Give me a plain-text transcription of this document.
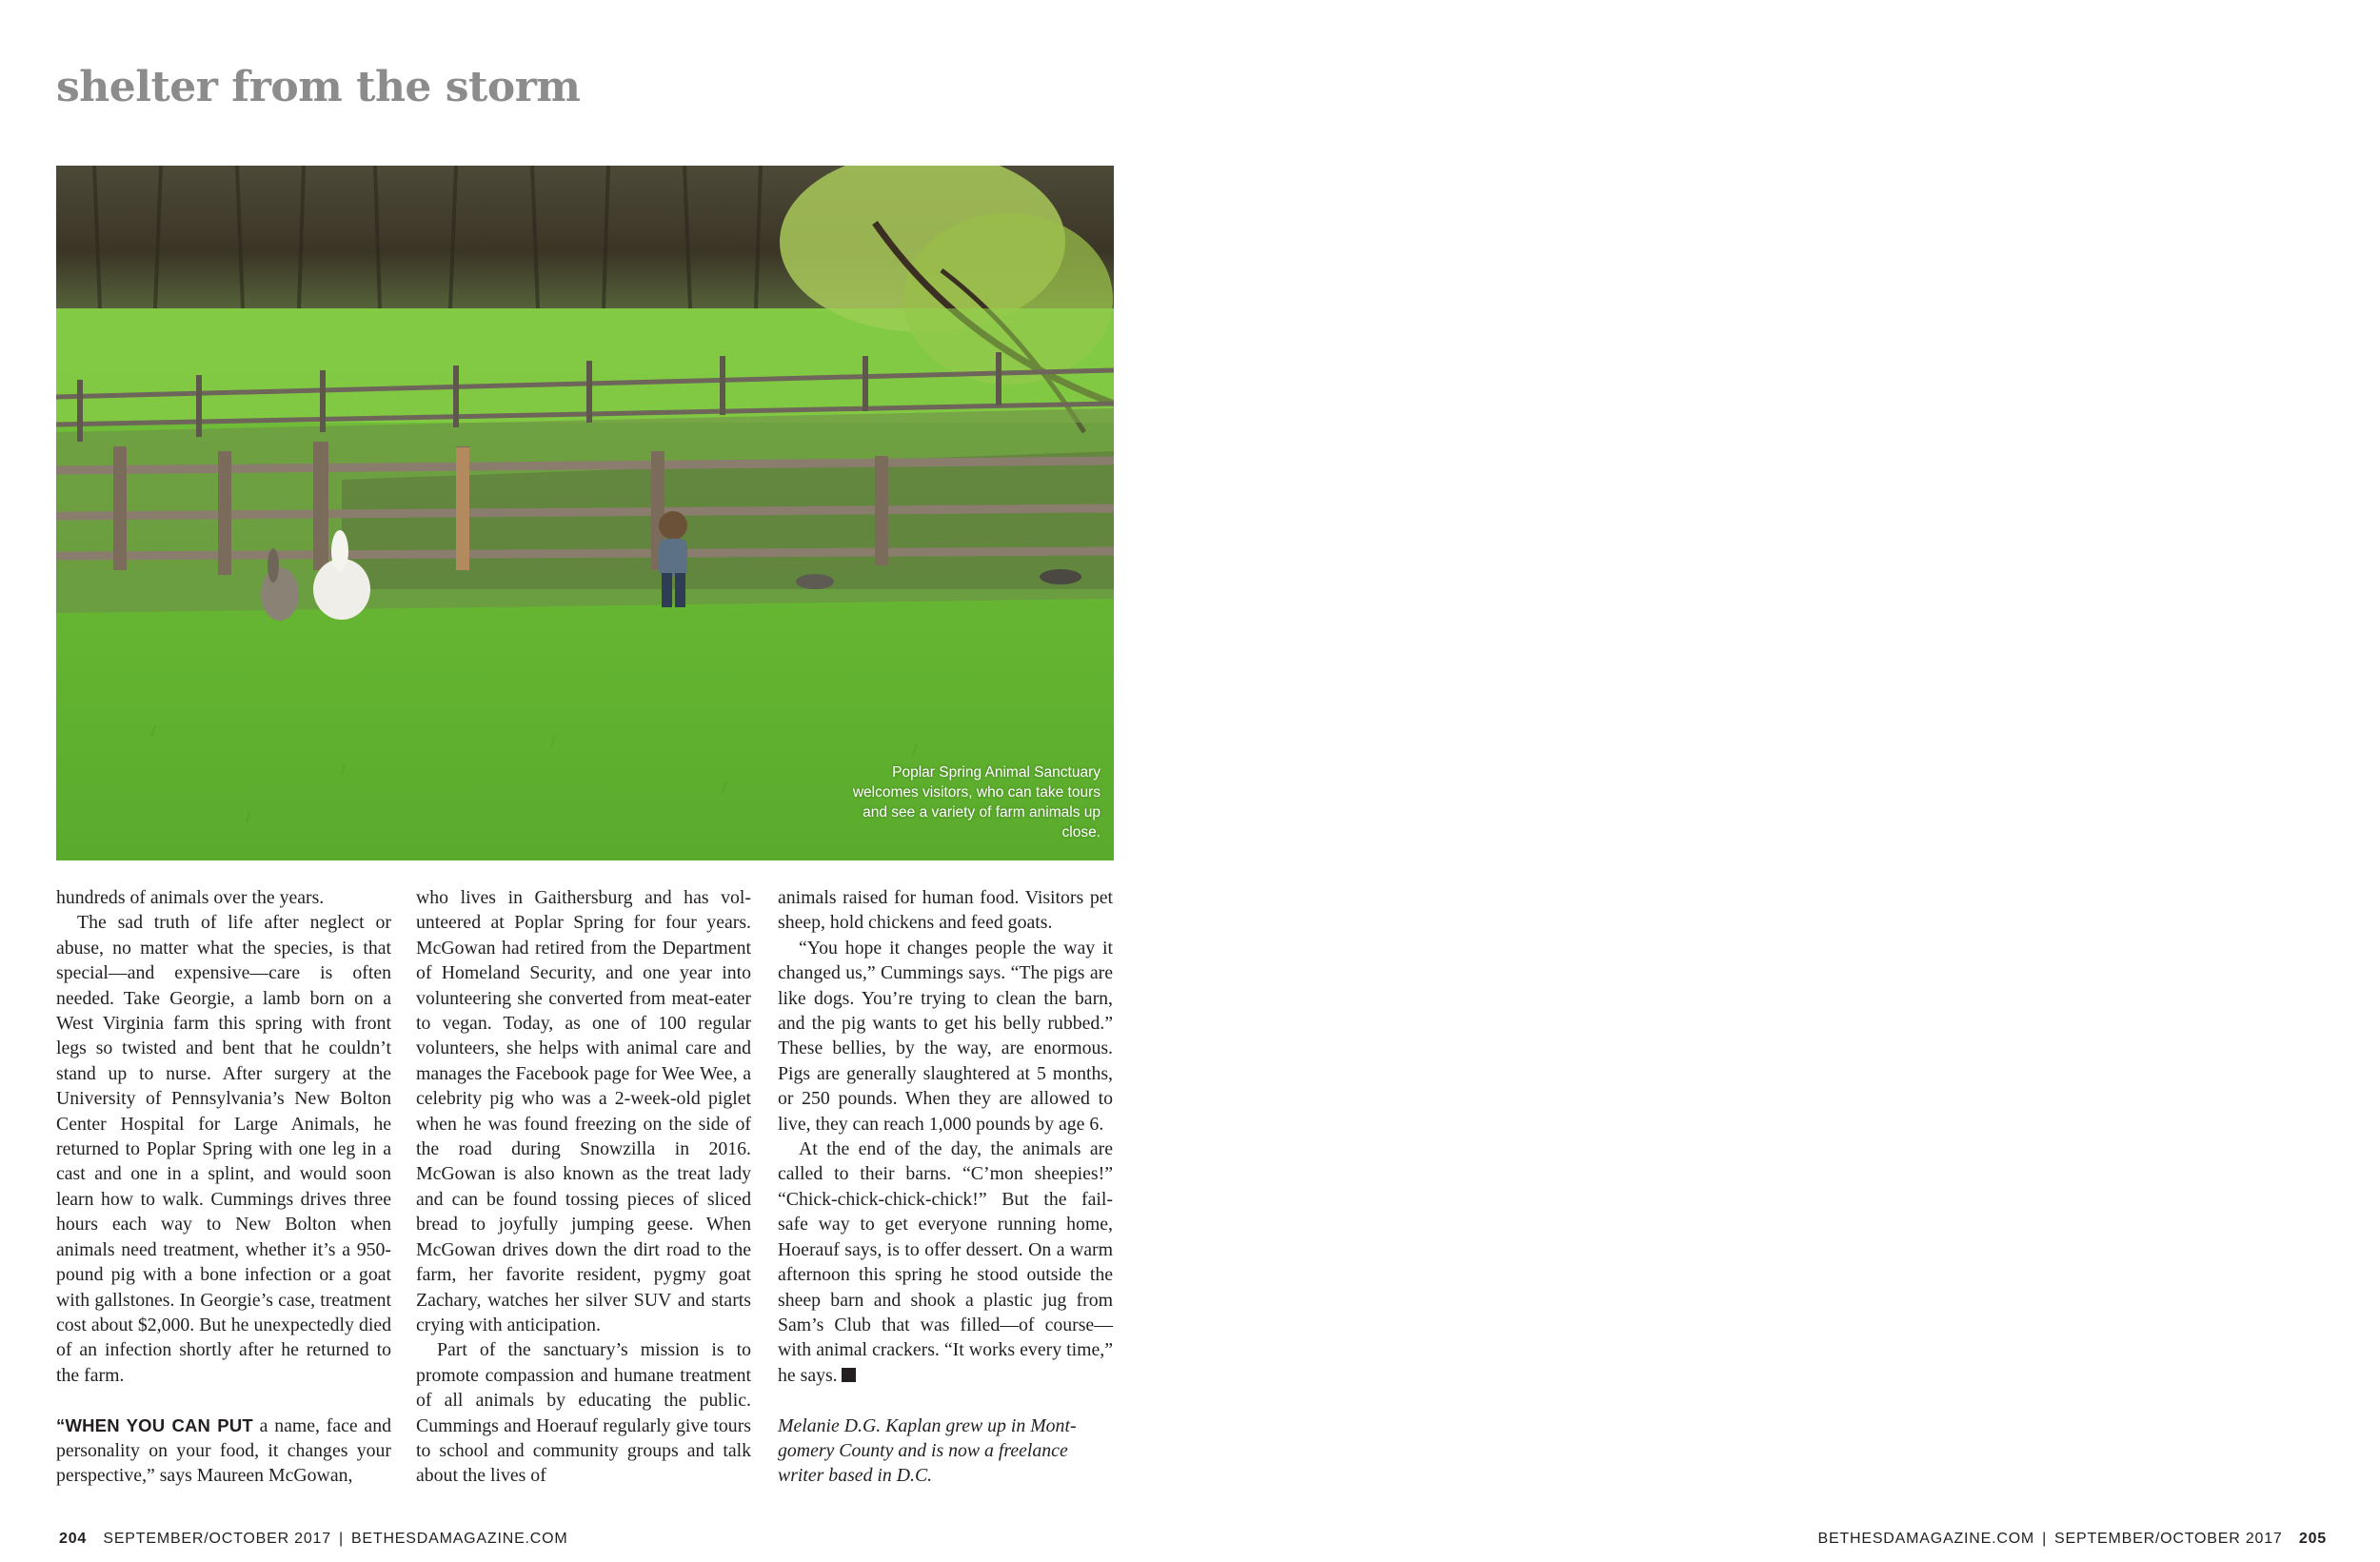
shelter from the storm
Poplar Spring Animal Sanctuary welcomes visitors, who can take tours and see a variety of farm animals up close.

hundreds of animals over the years.

The sad truth of life after neglect or abuse, no matter what the species, is that special—and expensive—care is often needed. Take Georgie, a lamb born on a West Virginia farm this spring with front legs so twisted and bent that he couldn’t stand up to nurse. After surgery at the University of Pennsylvania’s New Bolton Center Hospital for Large Animals, he returned to Poplar Spring with one leg in a cast and one in a splint, and would soon learn how to walk. Cummings drives three hours each way to New Bolton when animals need treatment, whether it’s a 950-pound pig with a bone infection or a goat with gallstones. In Georgie’s case, treatment cost about $2,000. But he unexpectedly died of an infection shortly after he returned to the farm.

“WHEN YOU CAN PUT a name, face and personality on your food, it changes your perspective,” says Maureen McGowan,

who lives in Gaithersburg and has volunteered at Poplar Spring for four years. McGowan had retired from the Department of Homeland Security, and one year into volunteering she converted from meat-eater to vegan. Today, as one of 100 regular volunteers, she helps with animal care and manages the Facebook page for Wee Wee, a celebrity pig who was a 2-week-old piglet when he was found freezing on the side of the road during Snowzilla in 2016. McGowan is also known as the treat lady and can be found tossing pieces of sliced bread to joyfully jumping geese. When McGowan drives down the dirt road to the farm, her favorite resident, pygmy goat Zachary, watches her silver SUV and starts crying with anticipation.

Part of the sanctuary’s mission is to promote compassion and humane treatment of all animals by educating the public. Cummings and Hoerauf regularly give tours to school and community groups and talk about the lives of

animals raised for human food. Visitors pet sheep, hold chickens and feed goats.

“You hope it changes people the way it changed us,” Cummings says. “The pigs are like dogs. You’re trying to clean the barn, and the pig wants to get his belly rubbed.” These bellies, by the way, are enormous. Pigs are generally slaughtered at 5 months, or 250 pounds. When they are allowed to live, they can reach 1,000 pounds by age 6.

At the end of the day, the animals are called to their barns. “C’mon sheepies!” “Chick-chick-chick-chick!” But the fail-safe way to get everyone running home, Hoerauf says, is to offer dessert. On a warm afternoon this spring he stood outside the sheep barn and shook a plastic jug from Sam’s Club that was filled—of course—with animal crackers. “It works every time,” he says.

Melanie D.G. Kaplan grew up in Montgomery County and is now a freelance writer based in D.C.

204 SEPTEMBER/OCTOBER 2017 | BETHESDAMAGAZINE.COM	BETHESDAMAGAZINE.COM | SEPTEMBER/OCTOBER 2017 205
